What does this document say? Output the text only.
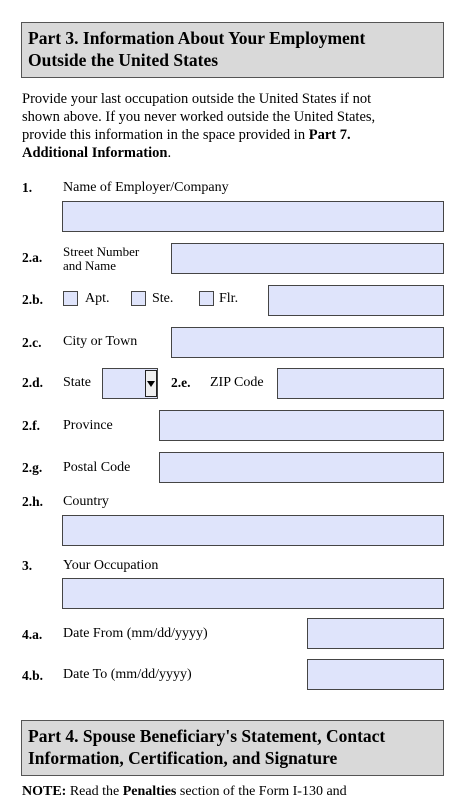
Part 3. Information About Your Employment
Outside the United States
Provide your last occupation outside the United States if not
shown above. If you never worked outside the United States,
provide this information in the space provided in Part 7.
Additional Information.
1. Name of Employer/Company
2.a. Street Number
and Name
2.b.	Apt.	Ste.	Flr.
2.c. City or Town
2.d. State	2.e. ZIP Code
2.f. Province
2.g. Postal Code
2.h. Country
3. Your Occupation
4.a. Date From (mm/dd/yyyy)
4.b. Date To (mm/dd/yyyy)
Part 4. Spouse Beneficiary's Statement, Contact
Information, Certification, and Signature
NOTE: Read the Penalties section of the Form I-130 and
